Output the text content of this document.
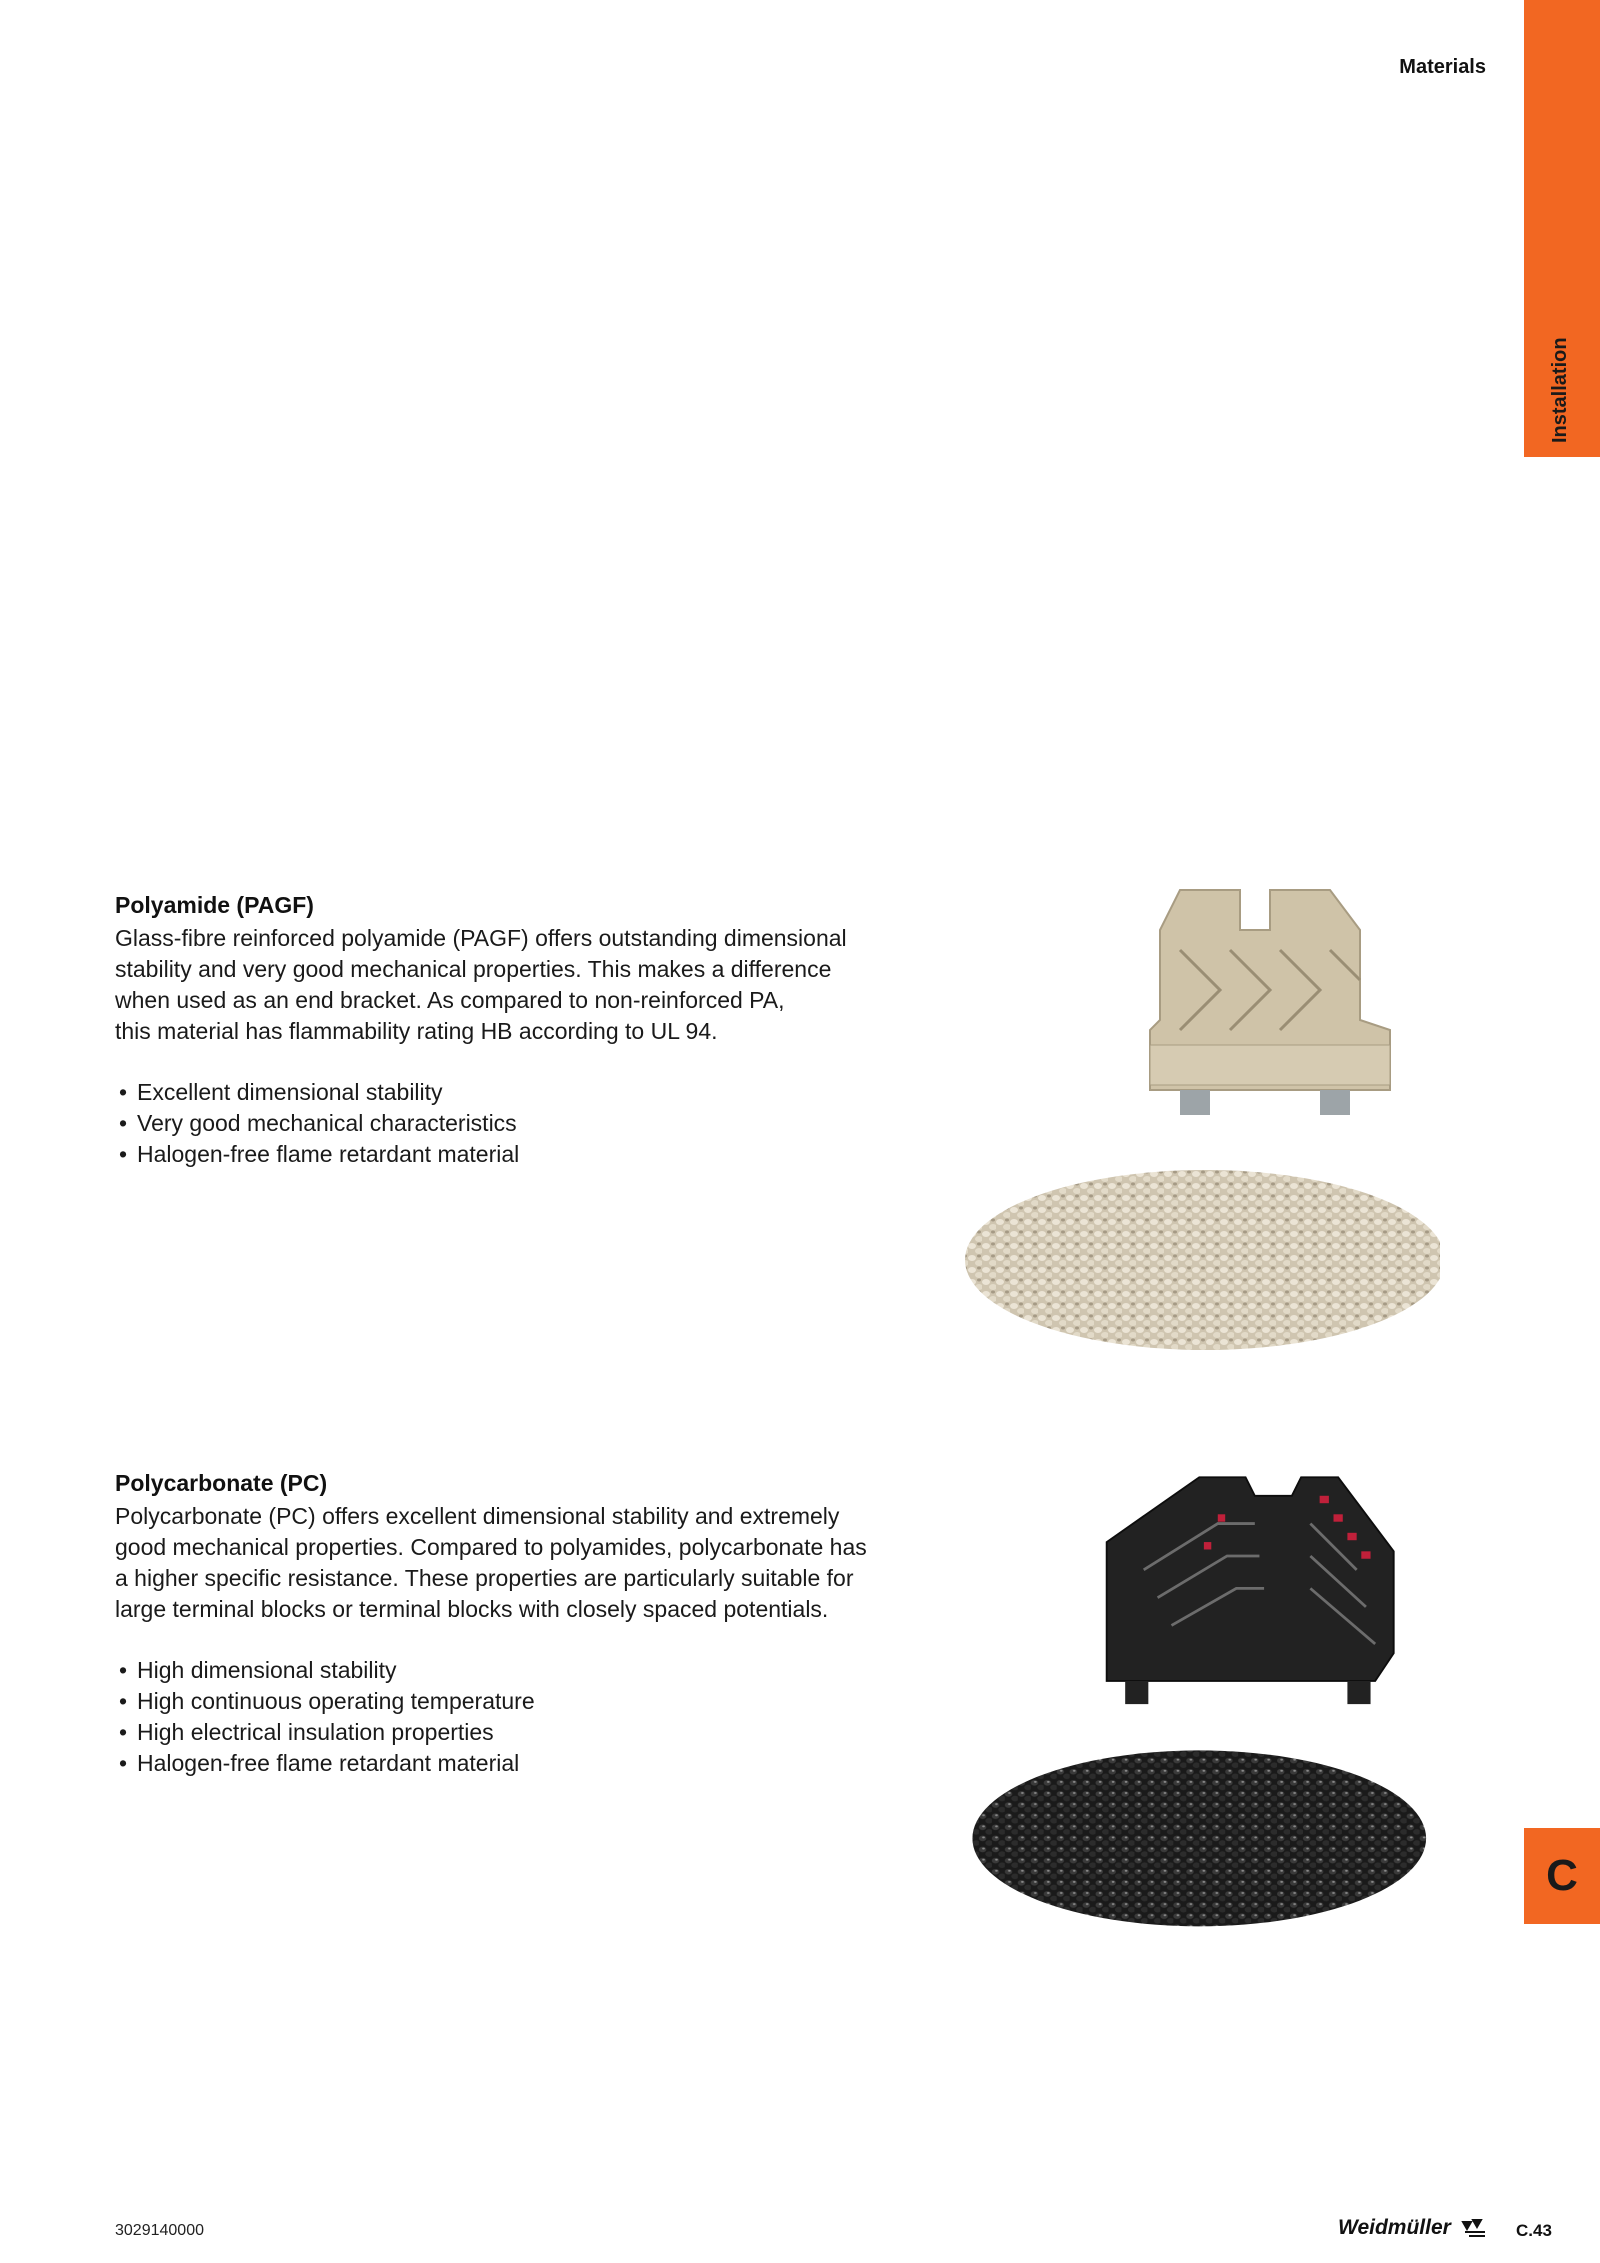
Materials
Installation
C
Polyamide (PAGF)

Glass-fibre reinforced polyamide (PAGF) offers outstanding dimensional
stability and very good mechanical properties. This makes a difference
when used as an end bracket. As compared to non-reinforced PA,
this material has flammability rating HB according to UL 94.

• Excellent dimensional stability
• Very good mechanical characteristics
• Halogen-free flame retardant material
Polycarbonate (PC)

Polycarbonate (PC) offers excellent dimensional stability and extremely
good mechanical properties. Compared to polyamides, polycarbonate has
a higher specific resistance. These properties are particularly suitable for
large terminal blocks or terminal blocks with closely spaced potentials.

• High dimensional stability
• High continuous operating temperature
• High electrical insulation properties
• Halogen-free flame retardant material
3029140000	Weidmüller	C.43
